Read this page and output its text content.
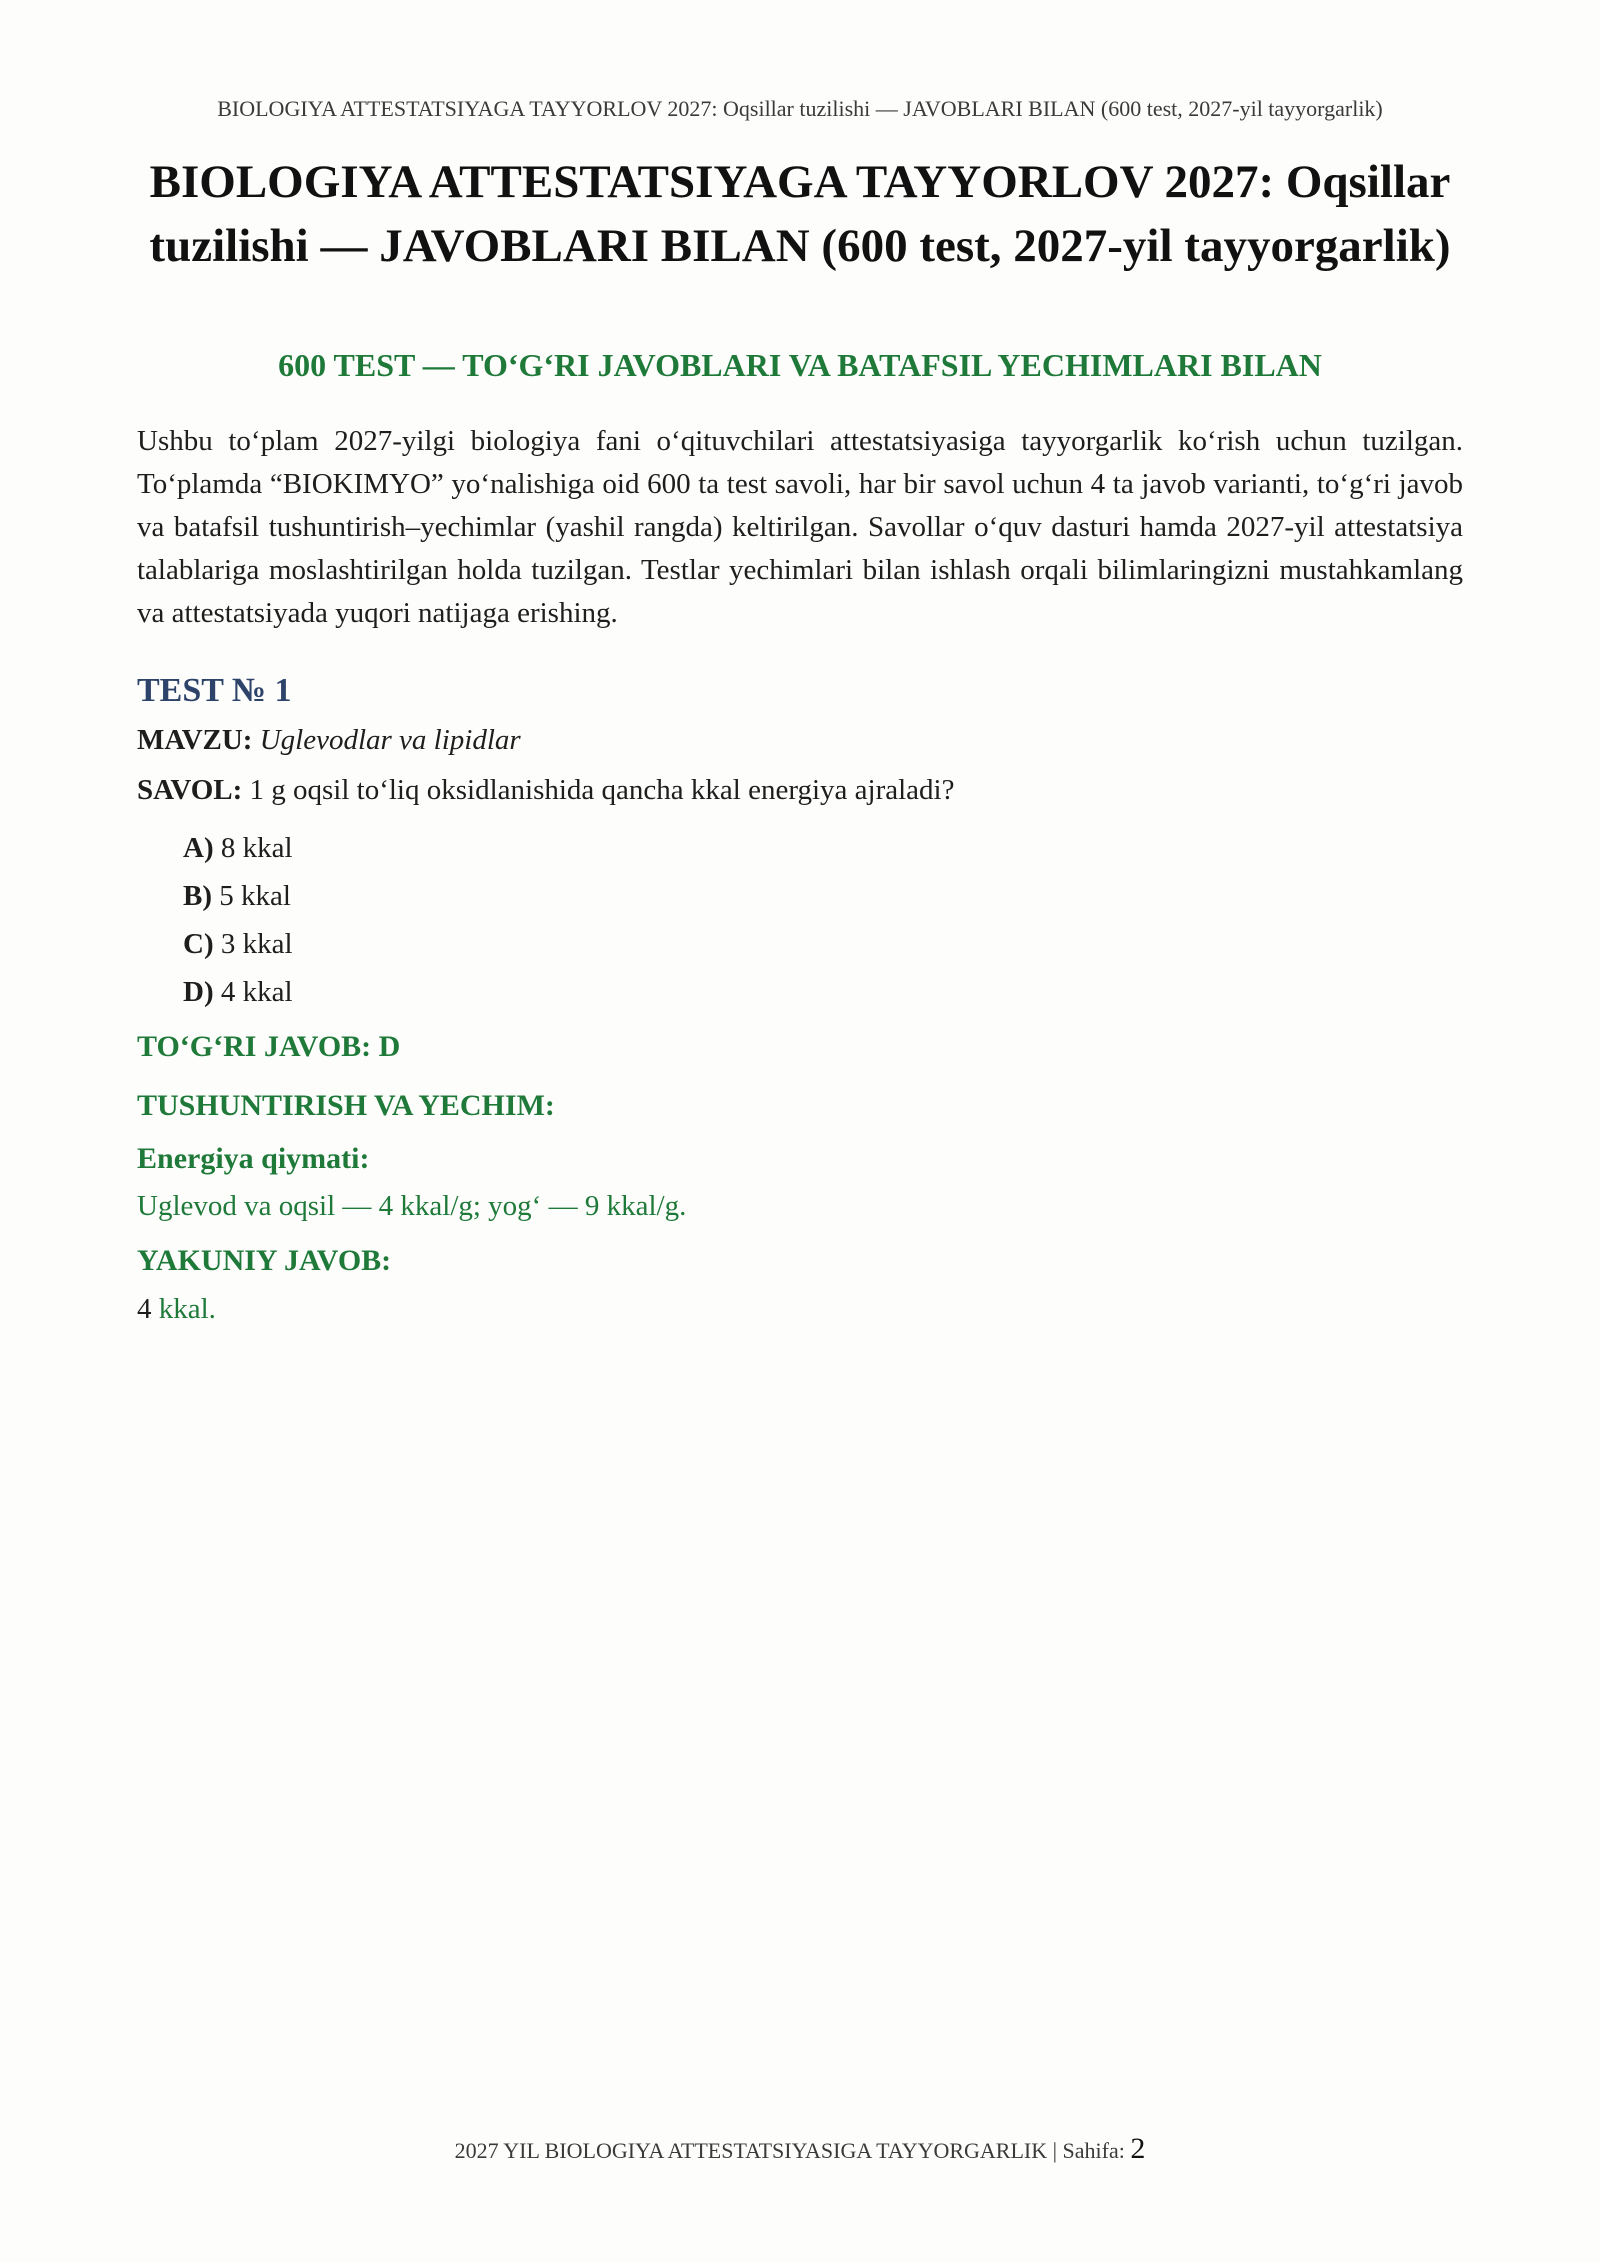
BIOLOGIYA ATTESTATSIYAGA TAYYORLOV 2027: Oqsillar tuzilishi — JAVOBLARI BILAN (600 test, 2027-yil tayyorgarlik)
BIOLOGIYA ATTESTATSIYAGA TAYYORLOV 2027: Oqsillar tuzilishi — JAVOBLARI BILAN (600 test, 2027-yil tayyorgarlik)
600 TEST — TO‘G‘RI JAVOBLARI VA BATAFSIL YECHIMLARI BILAN
Ushbu to‘plam 2027-yilgi biologiya fani o‘qituvchilari attestatsiyasiga tayyorgarlik ko‘rish uchun tuzilgan. To‘plamda “BIOKIMYO” yo‘nalishiga oid 600 ta test savoli, har bir savol uchun 4 ta javob varianti, to‘g‘ri javob va batafsil tushuntirish–yechimlar (yashil rangda) keltirilgan. Savollar o‘quv dasturi hamda 2027-yil attestatsiya talablariga moslashtirilgan holda tuzilgan. Testlar yechimlari bilan ishlash orqali bilimlaringizni mustahkamlang va attestatsiyada yuqori natijaga erishing.
TEST № 1
MAVZU: Uglevodlar va lipidlar
SAVOL: 1 g oqsil to‘liq oksidlanishida qancha kkal energiya ajraladi?
A) 8 kkal
B) 5 kkal
C) 3 kkal
D) 4 kkal
TO‘G‘RI JAVOB: D
TUSHUNTIRISH VA YECHIM:
Energiya qiymati:
Uglevod va oqsil — 4 kkal/g; yog‘ — 9 kkal/g.
YAKUNIY JAVOB:
4 kkal.
2027 YIL BIOLOGIYA ATTESTATSIYASIGA TAYYORGARLIK | Sahifa: 2
